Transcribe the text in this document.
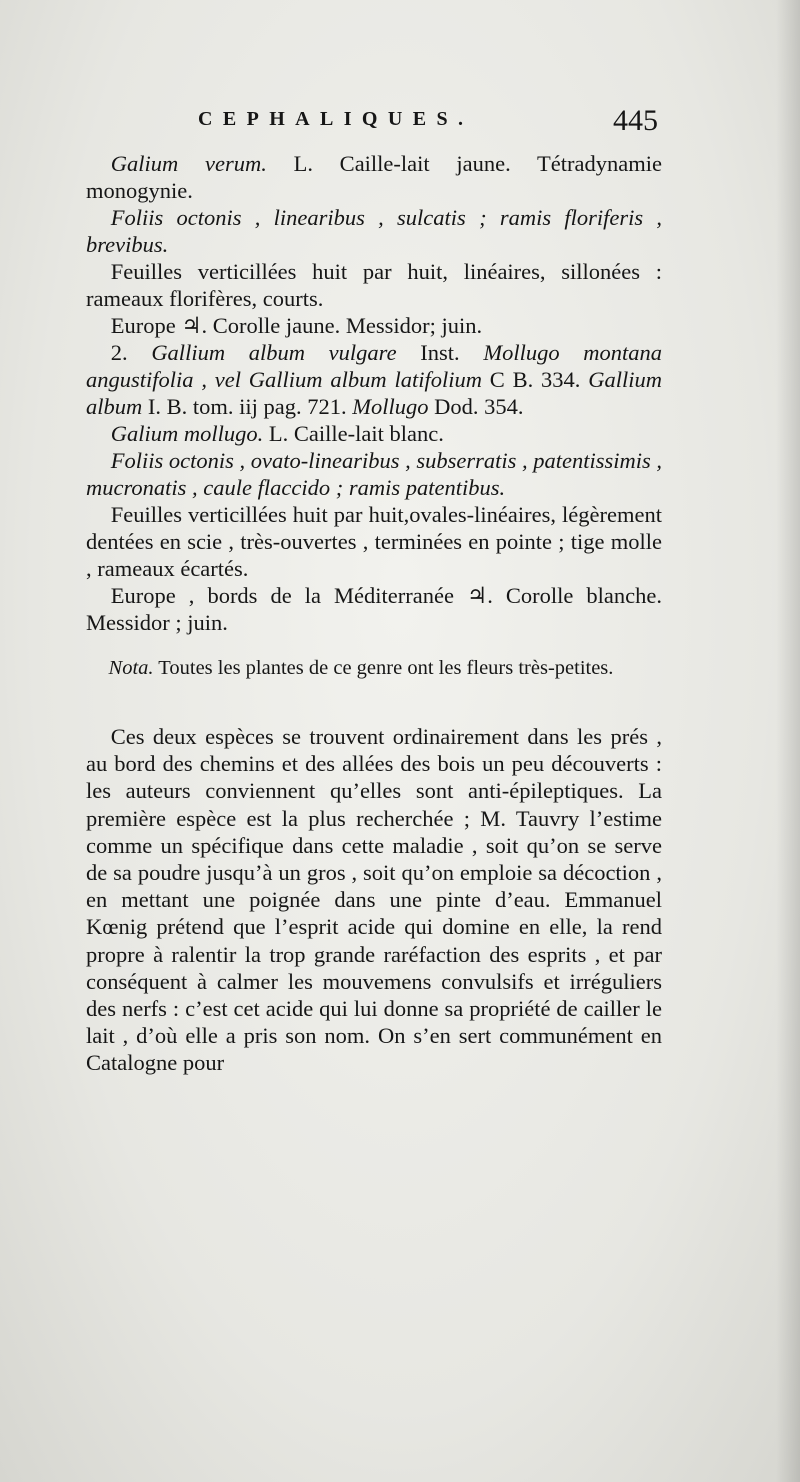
CEPHALIQUES.	445

Galium verum. L. Caille-lait jaune. Tétradynamie monogynie.

Foliis octonis , linearibus , sulcatis ; ramis floriferis , brevibus.

Feuilles verticillées huit par huit, linéaires, sillonées : rameaux florifères, courts.

Europe ♃. Corolle jaune. Messidor; juin.

2. Gallium album vulgare Inst. Mollugo montana angustifolia , vel Gallium album latifolium C B. 334. Gallium album I. B. tom. iij pag. 721. Mollugo Dod. 354.

Galium mollugo. L. Caille-lait blanc.

Foliis octonis , ovato-linearibus , subserratis , patentissimis , mucronatis , caule flaccido ; ramis patentibus.

Feuilles verticillées huit par huit,ovales-linéaires, légèrement dentées en scie , très-ouvertes , terminées en pointe ; tige molle , rameaux écartés.

Europe , bords de la Méditerranée ♃. Corolle blanche. Messidor ; juin.

Nota. Toutes les plantes de ce genre ont les fleurs très-petites.

Ces deux espèces se trouvent ordinairement dans les prés , au bord des chemins et des allées des bois un peu découverts : les auteurs conviennent qu’elles sont anti-épileptiques. La première espèce est la plus recherchée ; M. Tauvry l’estime comme un spécifique dans cette maladie , soit qu’on se serve de sa poudre jusqu’à un gros , soit qu’on emploie sa décoction , en mettant une poignée dans une pinte d’eau. Emmanuel Kœnig prétend que l’esprit acide qui domine en elle, la rend propre à ralentir la trop grande raréfaction des esprits , et par conséquent à calmer les mouvemens convulsifs et irréguliers des nerfs : c’est cet acide qui lui donne sa propriété de cailler le lait , d’où elle a pris son nom. On s’en sert communément en Catalogne pour
